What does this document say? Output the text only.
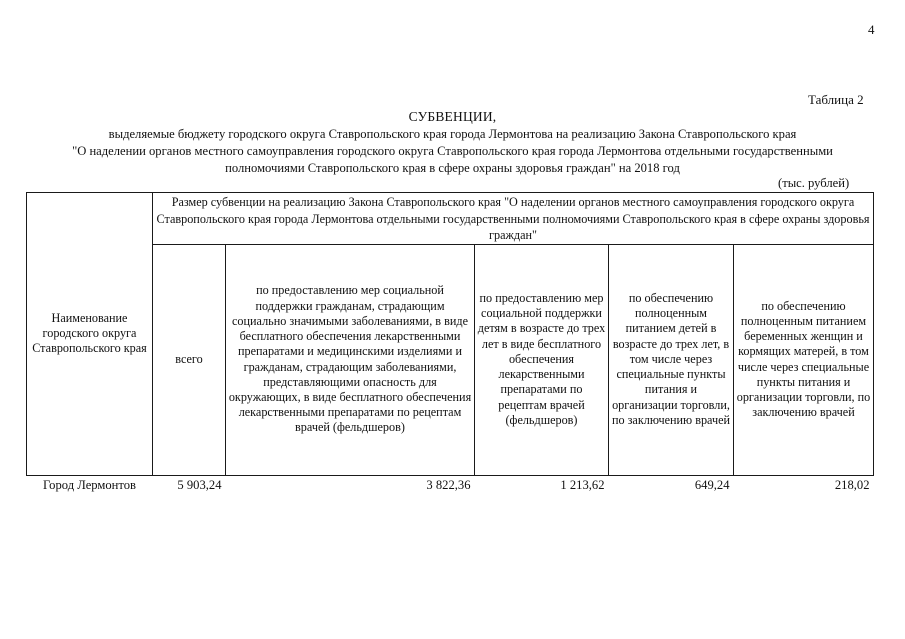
4
Таблица 2
СУБВЕНЦИИ,
выделяемые бюджету городского округа Ставропольского края города Лермонтова на реализацию Закона Ставропольского края
"О наделении органов местного самоуправления городского округа Ставропольского края города Лермонтова отдельными государственными
полномочиями Ставропольского края в сфере охраны здоровья граждан" на 2018 год
(тыс. рублей)
Наименование городского округа Ставропольского края	Размер субвенции на реализацию Закона Ставропольского края "О наделении органов местного самоуправления городского округа Ставропольского края города Лермонтова отдельными государственными полномочиями Ставропольского края в сфере охраны здоровья граждан"				
	всего	по предоставлению мер социальной поддержки гражданам, страдающим социально значимыми заболеваниями, в виде бесплатного обеспечения лекарственными препаратами и медицинскими изделиями и гражданам, страдающим заболеваниями, представляющими опасность для окружающих, в виде бесплатного обеспечения лекарственными препаратами по рецептам врачей (фельдшеров)	по предоставлению мер социальной поддержки детям в возрасте до трех лет в виде бесплатного обеспечения лекарственными препаратами по рецептам врачей (фельдшеров)	по обеспечению полноценным питанием детей в возрасте до трех лет, в том числе через специальные пункты питания и организации торговли, по заключению врачей	по обеспечению полноценным питанием беременных женщин и кормящих матерей, в том числе через специальные пункты питания и организации торговли, по заключению врачей
Город Лермонтов	5 903,24	3 822,36	1 213,62	649,24	218,02
